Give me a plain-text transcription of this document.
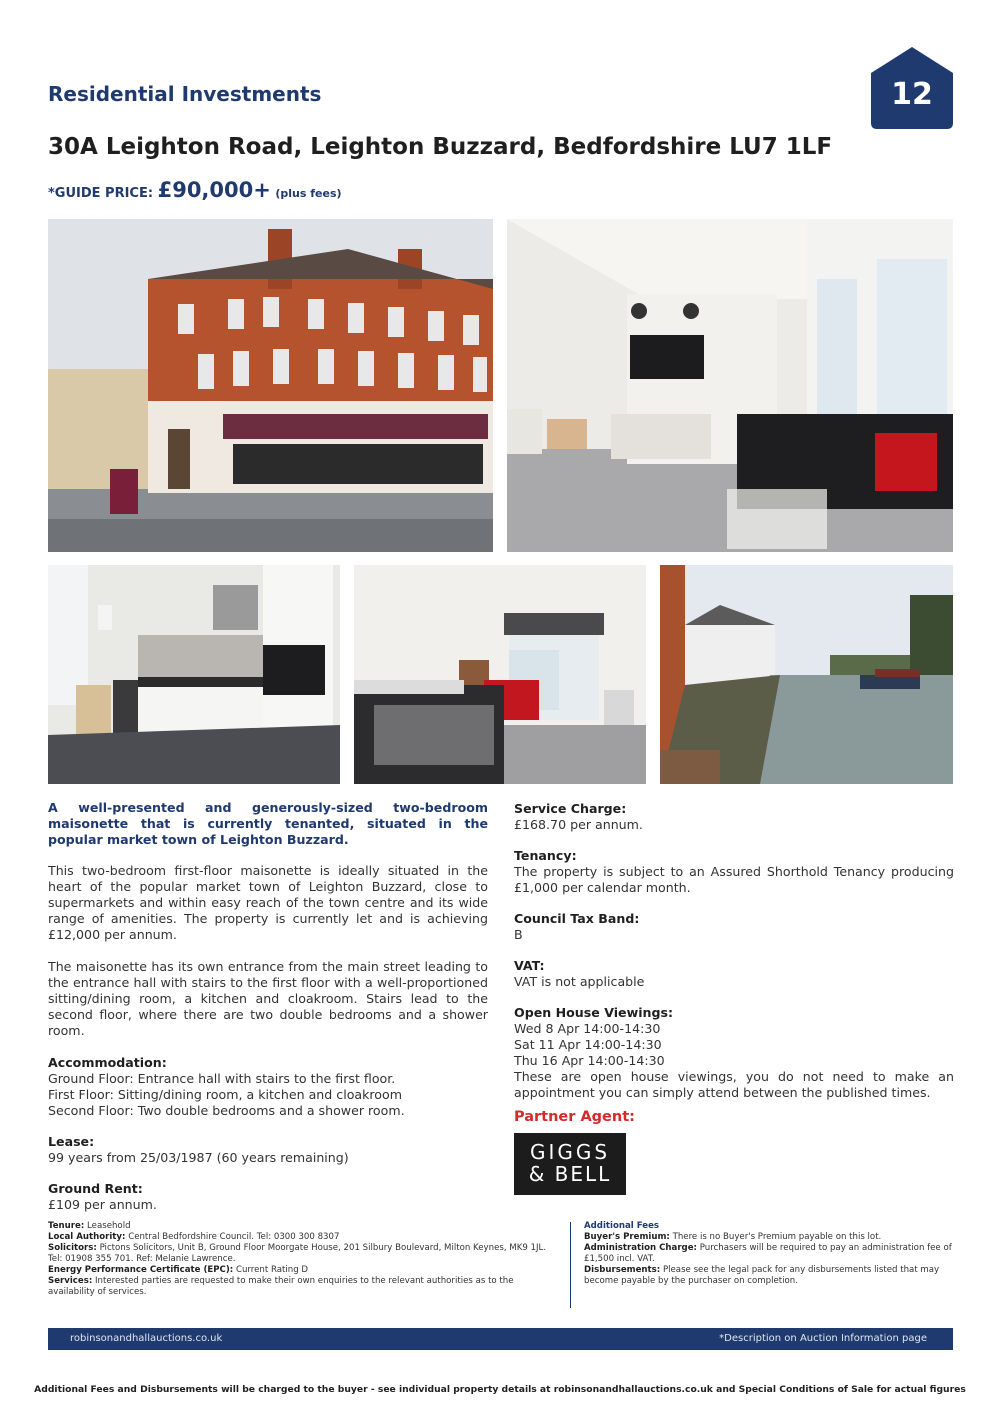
Residential Investments	12
30A Leighton Road, Leighton Buzzard, Bedfordshire LU7 1LF
*GUIDE PRICE: £90,000+ (plus fees)
A well-presented and generously-sized two-bedroom maisonette that is currently tenanted, situated in the popular market town of Leighton Buzzard.
This two-bedroom first-floor maisonette is ideally situated in the heart of the popular market town of Leighton Buzzard, close to supermarkets and within easy reach of the town centre and its wide range of amenities. The property is currently let and is achieving £12,000 per annum.
The maisonette has its own entrance from the main street leading to the entrance hall with stairs to the first floor with a well-proportioned sitting/dining room, a kitchen and cloakroom. Stairs lead to the second floor, where there are two double bedrooms and a shower room.
Accommodation:
Ground Floor: Entrance hall with stairs to the first floor.
First Floor: Sitting/dining room, a kitchen and cloakroom
Second Floor: Two double bedrooms and a shower room.
Lease:
99 years from 25/03/1987 (60 years remaining)
Ground Rent:
£109 per annum.
Service Charge:
£168.70 per annum.
Tenancy:
The property is subject to an Assured Shorthold Tenancy producing £1,000 per calendar month.
Council Tax Band:
B
VAT:
VAT is not applicable
Open House Viewings:
Wed 8 Apr 14:00-14:30
Sat 11 Apr 14:00-14:30
Thu 16 Apr 14:00-14:30
These are open house viewings, you do not need to make an appointment you can simply attend between the published times.
Partner Agent:
GIGGS
& BELL
Tenure: Leasehold
Local Authority: Central Bedfordshire Council. Tel: 0300 300 8307
Solicitors: Pictons Solicitors, Unit B, Ground Floor Moorgate House, 201 Silbury Boulevard, Milton Keynes, MK9 1JL. Tel: 01908 355 701. Ref: Melanie Lawrence.
Energy Performance Certificate (EPC): Current Rating D
Services: Interested parties are requested to make their own enquiries to the relevant authorities as to the availability of services.
Additional Fees
Buyer's Premium: There is no Buyer's Premium payable on this lot.
Administration Charge: Purchasers will be required to pay an administration fee of £1,500 incl. VAT.
Disbursements: Please see the legal pack for any disbursements listed that may become payable by the purchaser on completion.
robinsonandhallauctions.co.uk	*Description on Auction Information page
Additional Fees and Disbursements will be charged to the buyer - see individual property details at robinsonandhallauctions.co.uk and Special Conditions of Sale for actual figures
